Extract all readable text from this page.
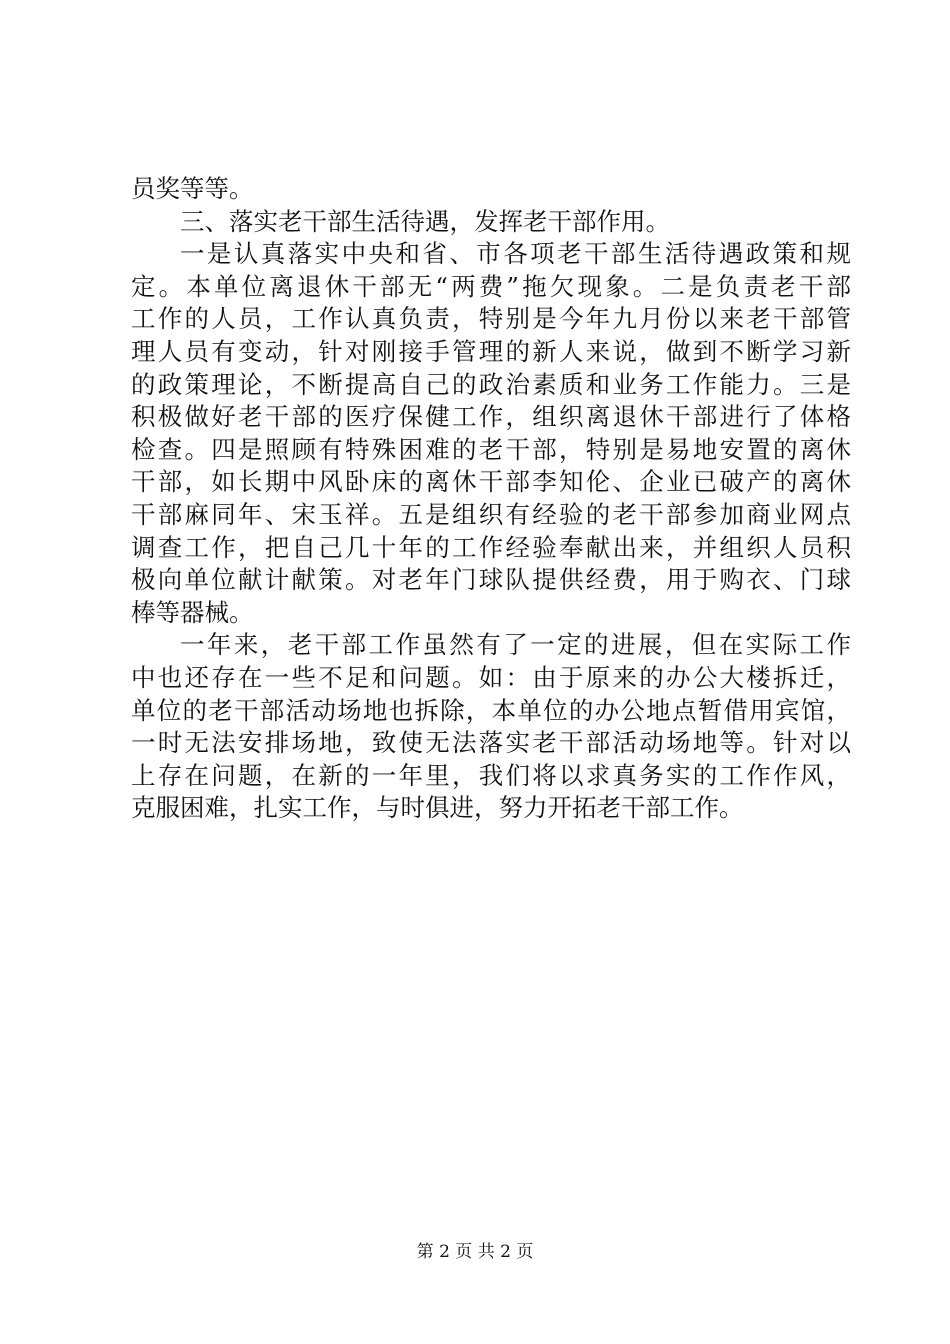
员奖等等。
三、落实老干部生活待遇，发挥老干部作用。
一是认真落实中央和省、市各项老干部生活待遇政策和规
定。本单位离退休干部无“两费”拖欠现象。二是负责老干部
工作的人员，工作认真负责，特别是今年九月份以来老干部管
理人员有变动，针对刚接手管理的新人来说，做到不断学习新
的政策理论，不断提高自己的政治素质和业务工作能力。三是
积极做好老干部的医疗保健工作，组织离退休干部进行了体格
检查。四是照顾有特殊困难的老干部，特别是易地安置的离休
干部，如长期中风卧床的离休干部李知伦、企业已破产的离休
干部麻同年、宋玉祥。五是组织有经验的老干部参加商业网点
调查工作，把自己几十年的工作经验奉献出来，并组织人员积
极向单位献计献策。对老年门球队提供经费，用于购衣、门球
棒等器械。
一年来，老干部工作虽然有了一定的进展，但在实际工作
中也还存在一些不足和问题。如：由于原来的办公大楼拆迁，
单位的老干部活动场地也拆除，本单位的办公地点暂借用宾馆，
一时无法安排场地，致使无法落实老干部活动场地等。针对以
上存在问题，在新的一年里，我们将以求真务实的工作作风，
克服困难，扎实工作，与时俱进，努力开拓老干部工作。
第 2 页 共 2 页
